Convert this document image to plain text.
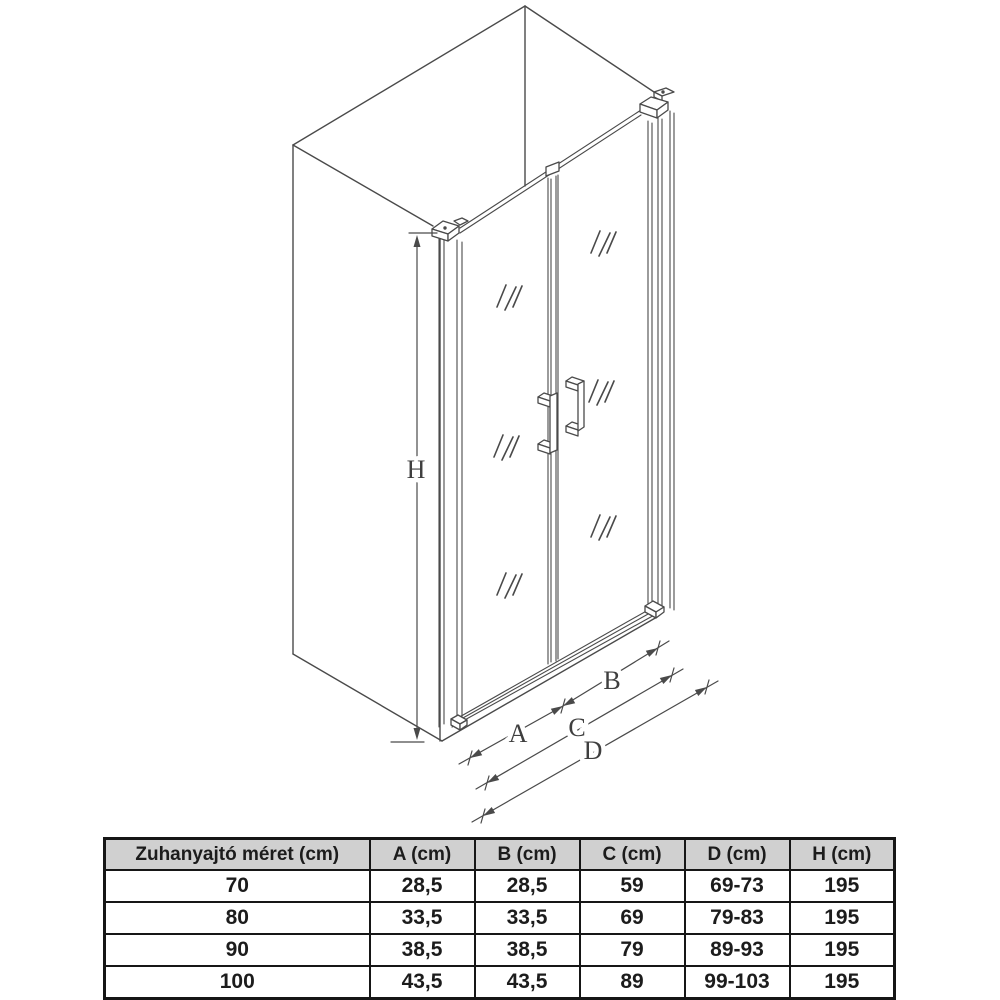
H
A
B
C
D
Zuhanyajtó méret (cm)	A (cm)	B (cm)	C (cm)	D (cm)	H (cm)
70	28,5	28,5	59	69-73	195
80	33,5	33,5	69	79-83	195
90	38,5	38,5	79	89-93	195
100	43,5	43,5	89	99-103	195
